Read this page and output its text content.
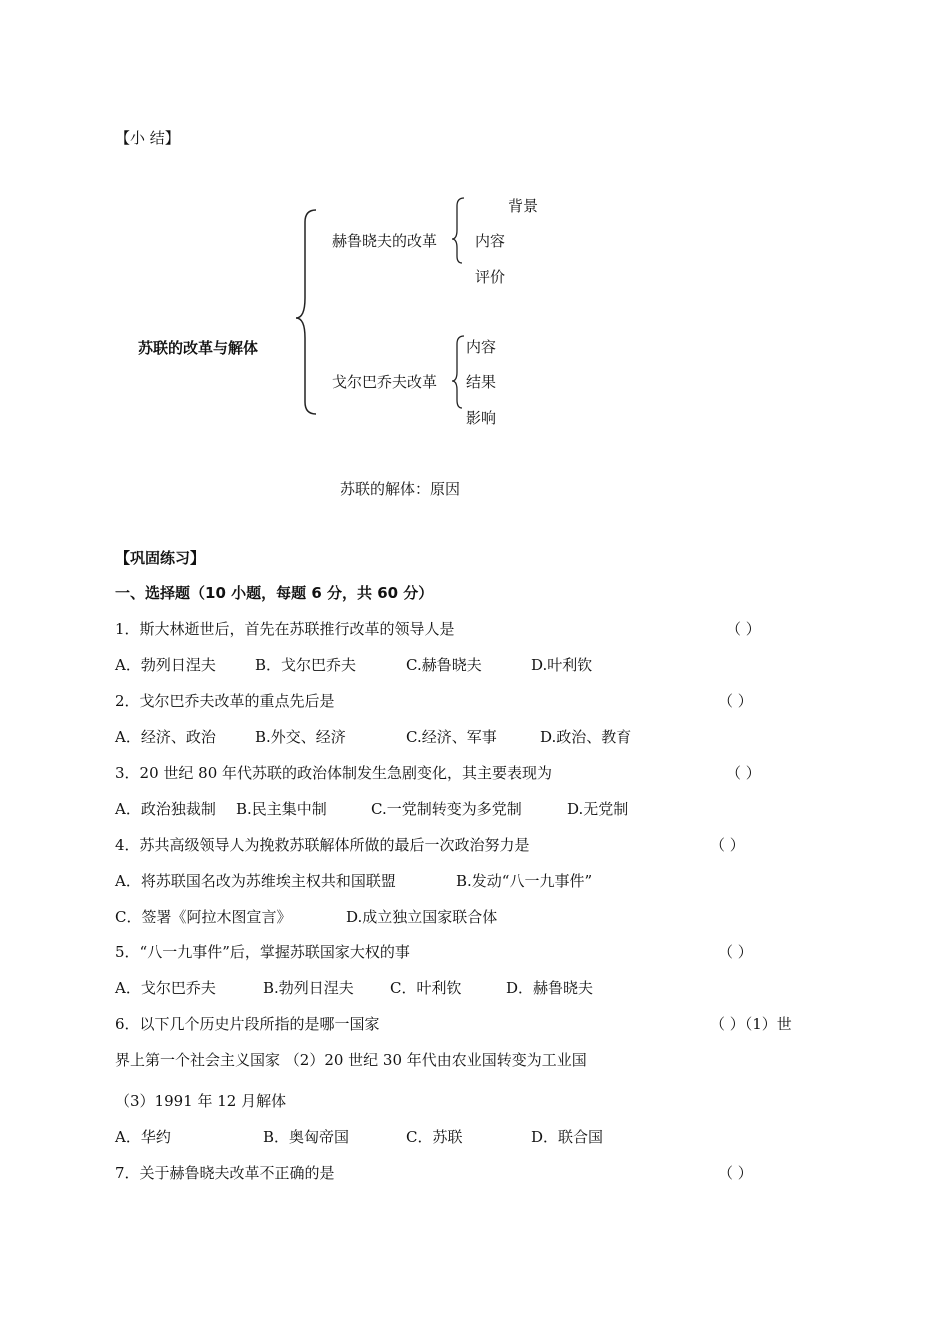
【小 结】
苏联的改革与解体
赫鲁晓夫的改革
背景
内容
评价
戈尔巴乔夫改革
内容
结果
影响
苏联的解体：原因
【巩固练习】
一、选择题（10 小题，每题 6 分，共 60 分）
1．斯大林逝世后，首先在苏联推行改革的领导人是	（ ）
A．勃列日涅夫	B．戈尔巴乔夫	C.赫鲁晓夫	D.叶利钦
2．戈尔巴乔夫改革的重点先后是	（ ）
A．经济、政治	B.外交、经济	C.经济、军事	D.政治、教育
3．20 世纪 80 年代苏联的政治体制发生急剧变化，其主要表现为	（ ）
A．政治独裁制 B.民主集中制	C.一党制转变为多党制	D.无党制
4．苏共高级领导人为挽救苏联解体所做的最后一次政治努力是	（ ）
A．将苏联国名改为苏维埃主权共和国联盟	B.发动“八一九事件”
C．签署《阿拉木图宣言》	D.成立独立国家联合体
5．“八一九事件”后，掌握苏联国家大权的事	（ ）
A．戈尔巴乔夫	B.勃列日涅夫 C．叶利钦	D．赫鲁晓夫
6．以下几个历史片段所指的是哪一国家	（ ）（1）世
界上第一个社会主义国家 （2）20 世纪 30 年代由农业国转变为工业国
（3）1991 年 12 月解体
A．华约	B．奥匈帝国	C．苏联	D．联合国
7．关于赫鲁晓夫改革不正确的是	（ ）
